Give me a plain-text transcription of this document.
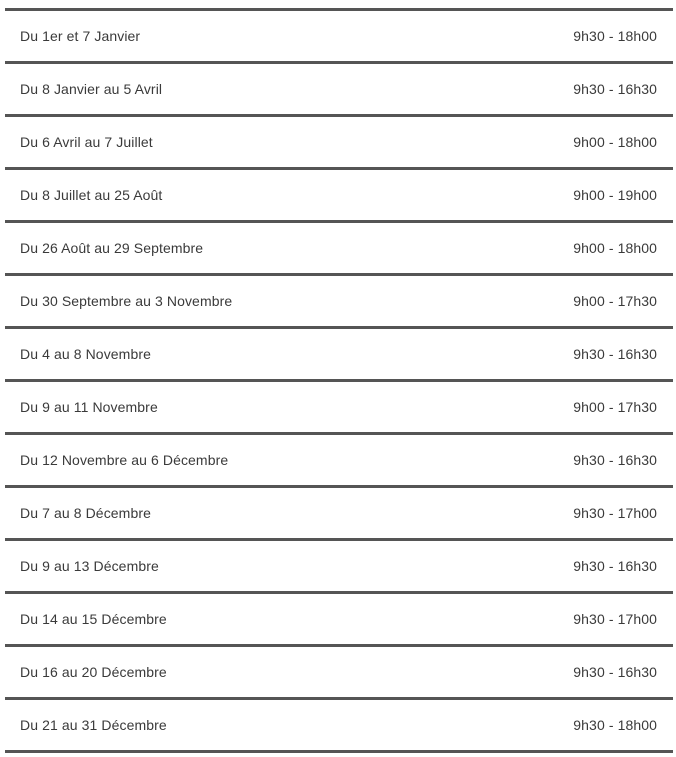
Du 1er et 7 Janvier	9h30 - 18h00
Du 8 Janvier au 5 Avril	9h30 - 16h30
Du 6 Avril au 7 Juillet	9h00 - 18h00
Du 8 Juillet au 25 Août	9h00 - 19h00
Du 26 Août au 29 Septembre	9h00 - 18h00
Du 30 Septembre au 3 Novembre	9h00 - 17h30
Du 4 au 8 Novembre	9h30 - 16h30
Du 9 au 11 Novembre	9h00 - 17h30
Du 12 Novembre au 6 Décembre	9h30 - 16h30
Du 7 au 8 Décembre	9h30 - 17h00
Du 9 au 13 Décembre	9h30 - 16h30
Du 14 au 15 Décembre	9h30 - 17h00
Du 16 au 20 Décembre	9h30 - 16h30
Du 21 au 31 Décembre	9h30 - 18h00
